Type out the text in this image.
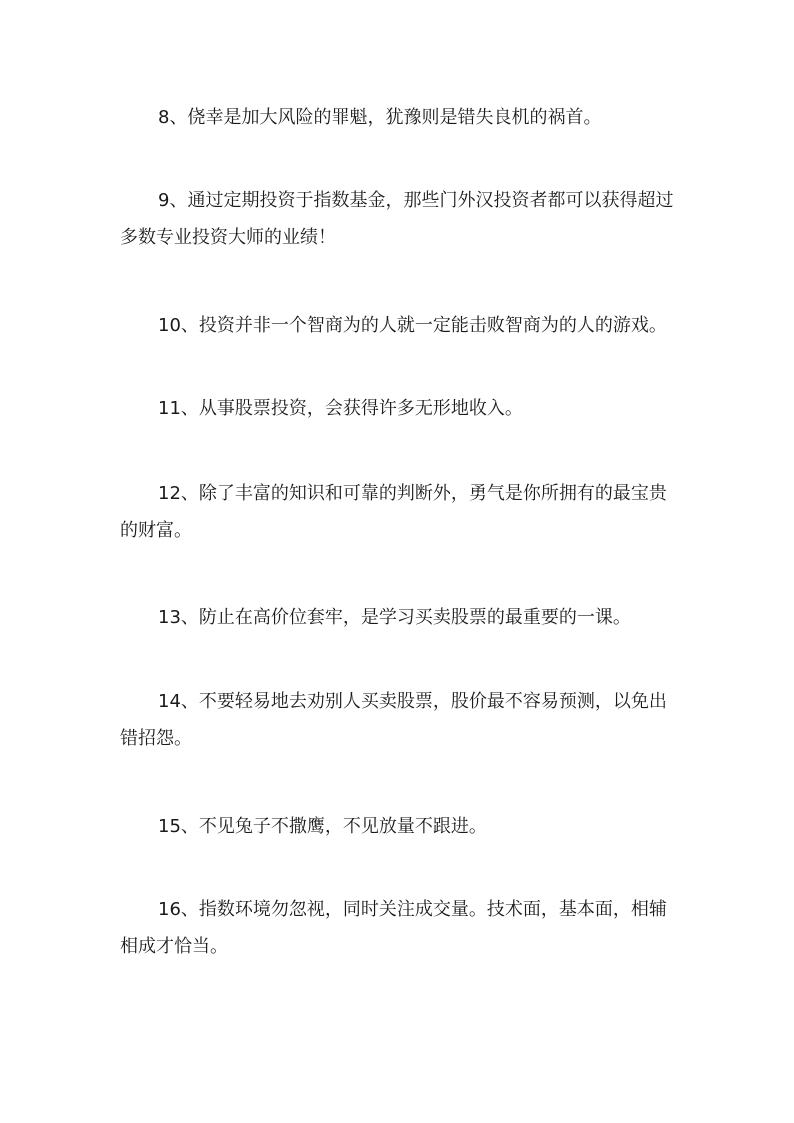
8、侥幸是加大风险的罪魁，犹豫则是错失良机的祸首。

9、通过定期投资于指数基金，那些门外汉投资者都可以获得超过多数专业投资大师的业绩！

10、投资并非一个智商为的人就一定能击败智商为的人的游戏。

11、从事股票投资，会获得许多无形地收入。

12、除了丰富的知识和可靠的判断外，勇气是你所拥有的最宝贵的财富。

13、防止在高价位套牢，是学习买卖股票的最重要的一课。

14、不要轻易地去劝别人买卖股票，股价最不容易预测，以免出错招怨。

15、不见兔子不撒鹰，不见放量不跟进。

16、指数环境勿忽视，同时关注成交量。技术面，基本面，相辅相成才恰当。
